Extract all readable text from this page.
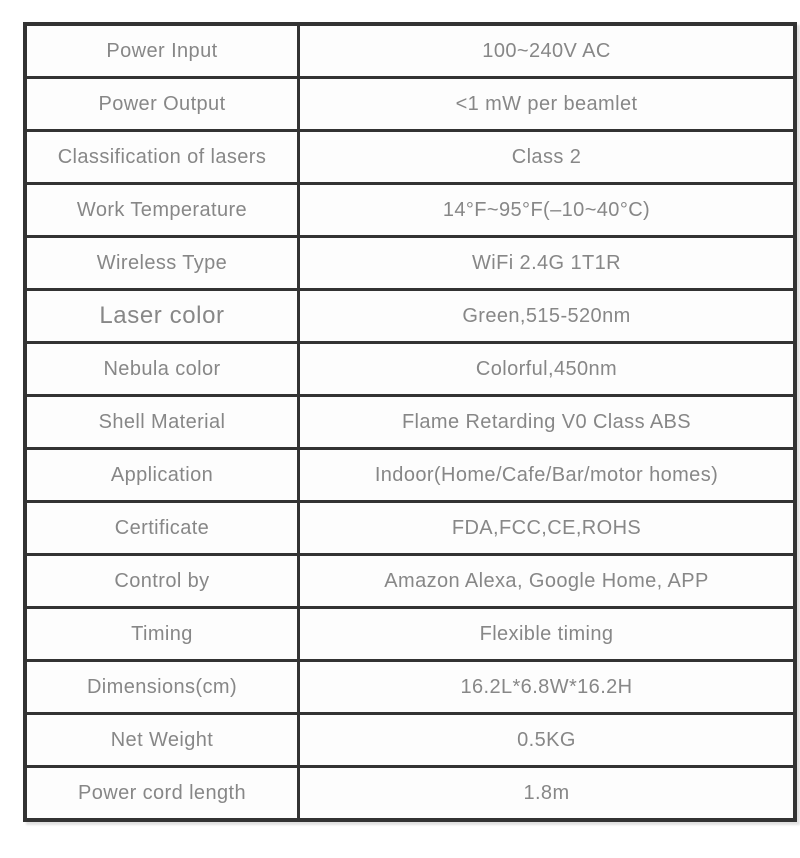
Power Input	100~240V AC
Power Output	<1 mW per beamlet
Classification of lasers	Class 2
Work Temperature	14°F~95°F(–10~40°C)
Wireless Type	WiFi 2.4G 1T1R
Laser color	Green,515-520nm
Nebula color	Colorful,450nm
Shell Material	Flame Retarding V0 Class ABS
Application	Indoor(Home/Cafe/Bar/motor homes)
Certificate	FDA,FCC,CE,ROHS
Control by	Amazon Alexa, Google Home, APP
Timing	Flexible timing
Dimensions(cm)	16.2L*6.8W*16.2H
Net Weight	0.5KG
Power cord length	1.8m
